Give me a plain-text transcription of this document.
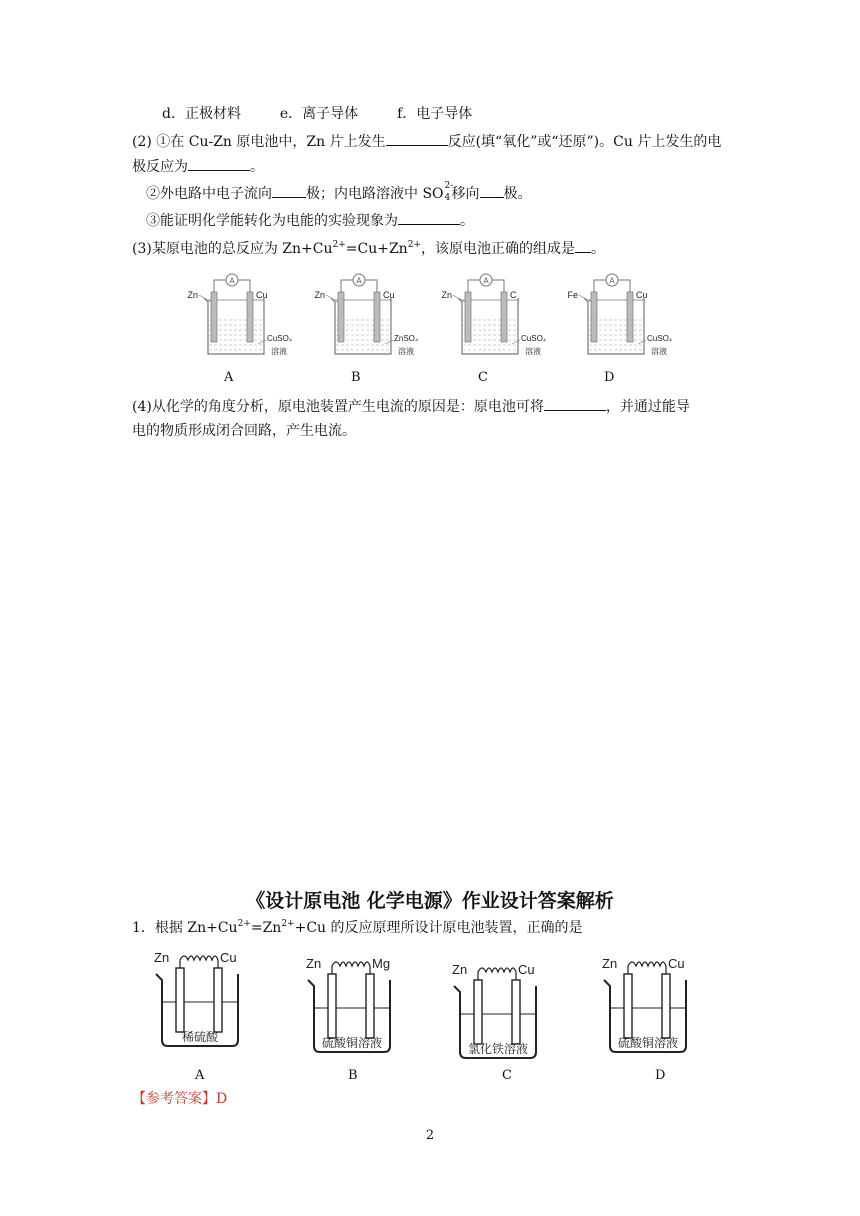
d．正极材料	e．离子导体	f．电子导体
(2) ①在 Cu-Zn 原电池中，Zn 片上发生	反应(填“氧化”或“还原”)。Cu 片上发生的电
极反应为	。
②外电路中电子流向 极；内电路溶液中 SO 2-
4 移向 极。
③能证明化学能转化为电能的实验现象为	。
(3)某原电池的总反应为 $Zn+Cu^{2+}=Cu+Zn^{2+}$，该原电池正确的组成是 。
A
Zn	Cu
CuSO₄
溶液
A
A
Zn	Cu
ZnSO₄
溶液
B
A
Zn	C
CuSO₄
溶液
C
A
Fe	Cu
CuSO₄
溶液
D
(4)从化学的角度分析，原电池装置产生电流的原因是：原电池可将	，并通过能导
电的物质形成闭合回路，产生电流。
《设计原电池 化学电源》作业设计答案解析
1．根据 $Zn+Cu^{2+}=Zn^{2+}+Cu$ 的反应原理所设计原电池装置，正确的是
Zn	Cu
稀硫酸
A
Zn	Mg
硫酸铜溶液
B
Zn	Cu
氯化铁溶液
C
Zn	Cu
硫酸铜溶液
D
【参考答案】D
2
